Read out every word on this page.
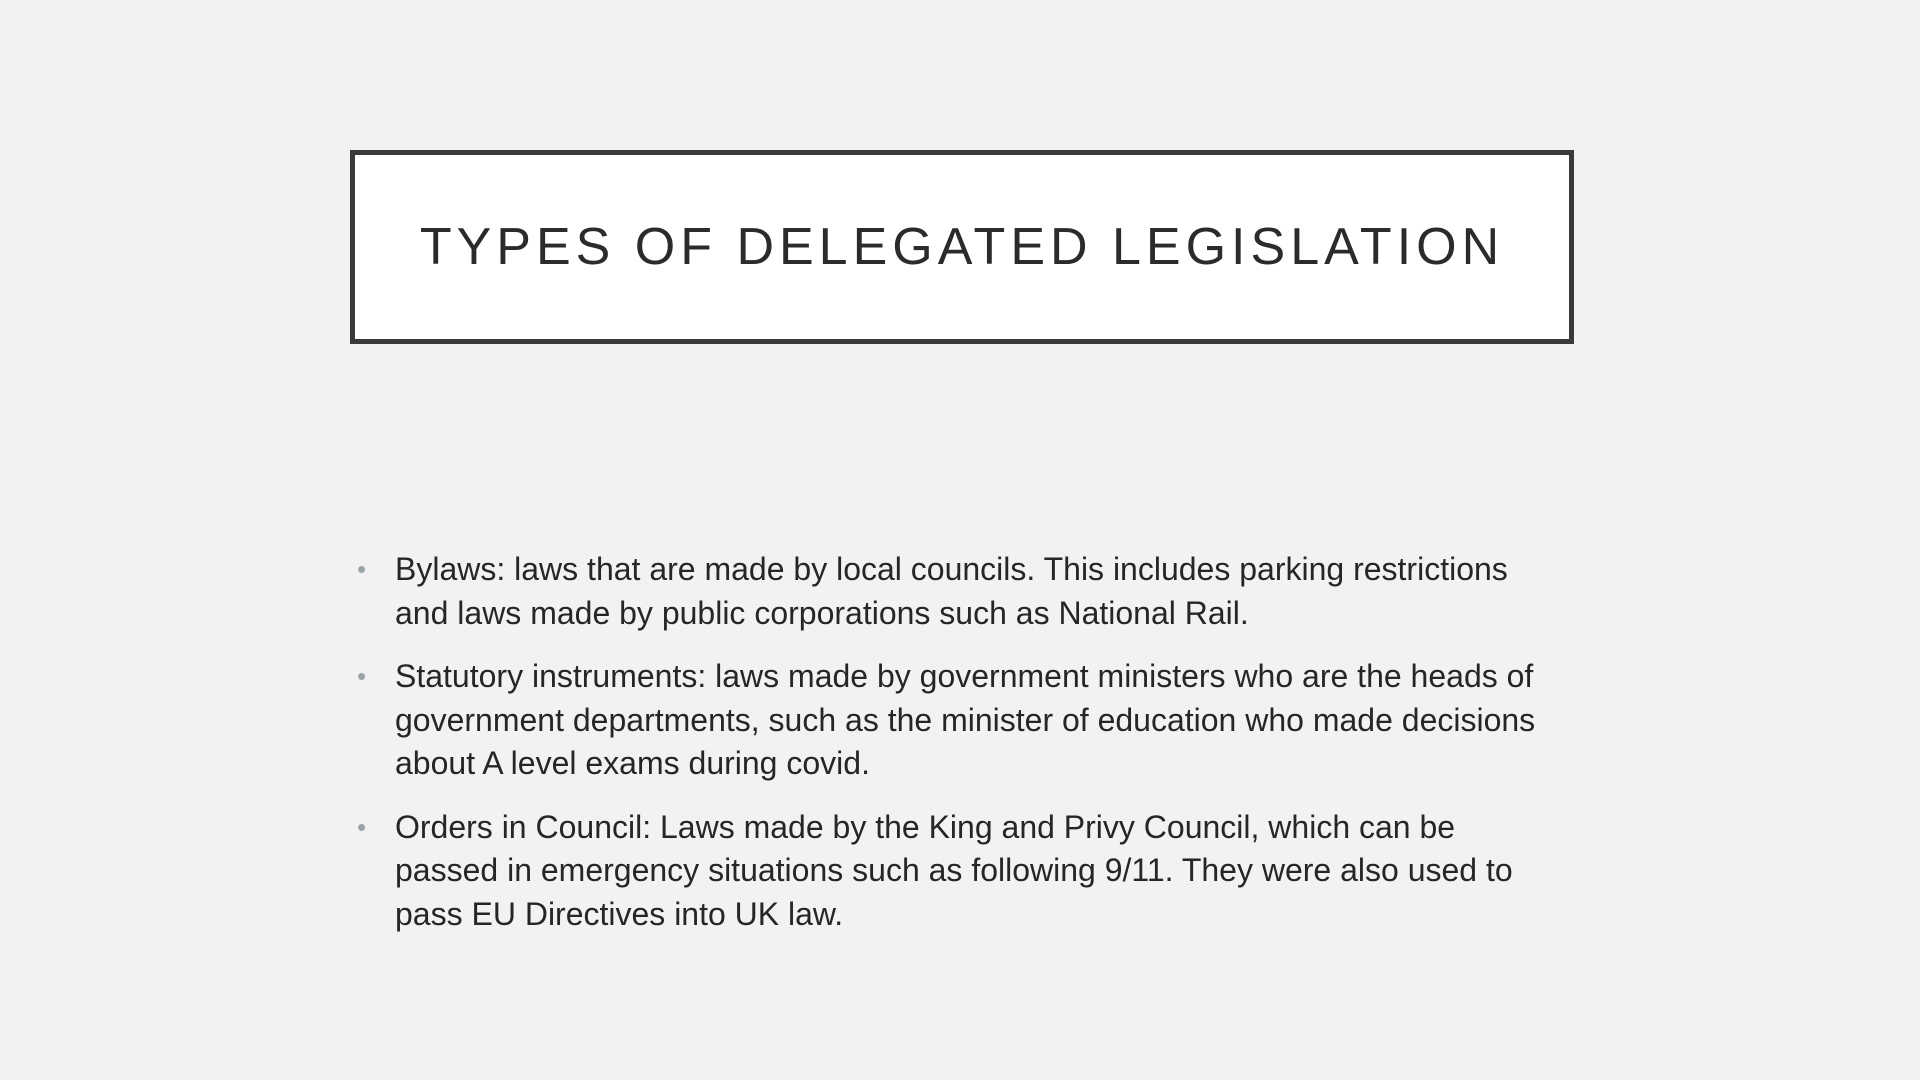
TYPES OF DELEGATED LEGISLATION
• Bylaws: laws that are made by local councils. This includes parking restrictions and laws made by public corporations such as National Rail.
• Statutory instruments: laws made by government ministers who are the heads of government departments, such as the minister of education who made decisions about A level exams during covid.
• Orders in Council: Laws made by the King and Privy Council, which can be passed in emergency situations such as following 9/11. They were also used to pass EU Directives into UK law.
